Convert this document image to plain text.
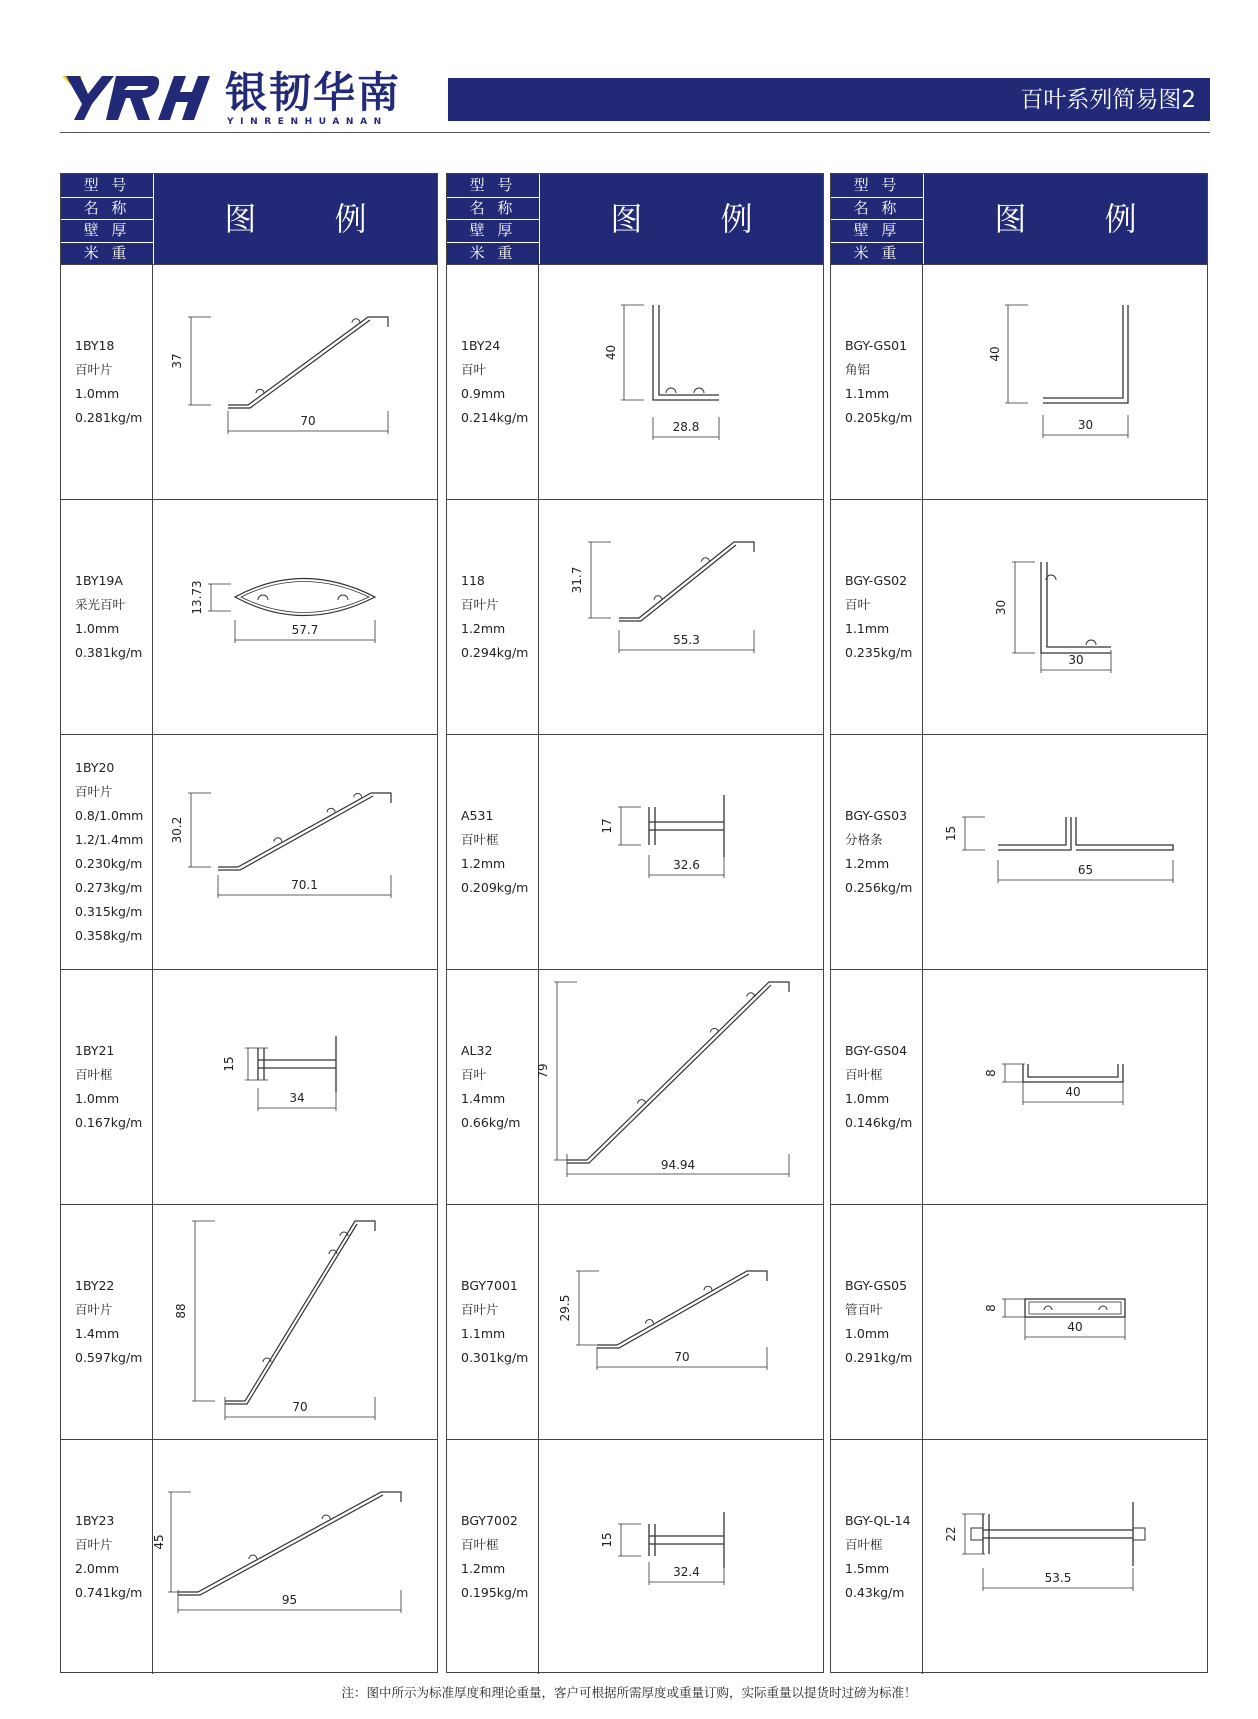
银韧华南
YINRENHUANAN
百叶系列简易图2
型 号
名 称
壁 厚
米 重
图 例
1BY18
百叶片
1.0mm
0.281kg/m
37
70
1BY19A
采光百叶
1.0mm
0.381kg/m
13.73
57.7
1BY20
百叶片
0.8/1.0mm
1.2/1.4mm
0.230kg/m
0.273kg/m
0.315kg/m
0.358kg/m
30.2
70.1
1BY21
百叶框
1.0mm
0.167kg/m
15
34
1BY22
百叶片
1.4mm
0.597kg/m
88
70
1BY23
百叶片
2.0mm
0.741kg/m
45
95
型 号
名 称
壁 厚
米 重
图 例
1BY24
百叶
0.9mm
0.214kg/m
40
28.8
118
百叶片
1.2mm
0.294kg/m
31.7
55.3
A531
百叶框
1.2mm
0.209kg/m
17
32.6
AL32
百叶
1.4mm
0.66kg/m
79
94.94
BGY7001
百叶片
1.1mm
0.301kg/m
29.5
70
BGY7002
百叶框
1.2mm
0.195kg/m
15
32.4
型 号
名 称
壁 厚
米 重
图 例
BGY-GS01
角铝
1.1mm
0.205kg/m
40
30
BGY-GS02
百叶
1.1mm
0.235kg/m
30
30
BGY-GS03
分格条
1.2mm
0.256kg/m
15
65
BGY-GS04
百叶框
1.0mm
0.146kg/m
8
40
BGY-GS05
管百叶
1.0mm
0.291kg/m
8
40
BGY-QL-14
百叶框
1.5mm
0.43kg/m
22
53.5
注：图中所示为标准厚度和理论重量，客户可根据所需厚度或重量订购，实际重量以提货时过磅为标准！
